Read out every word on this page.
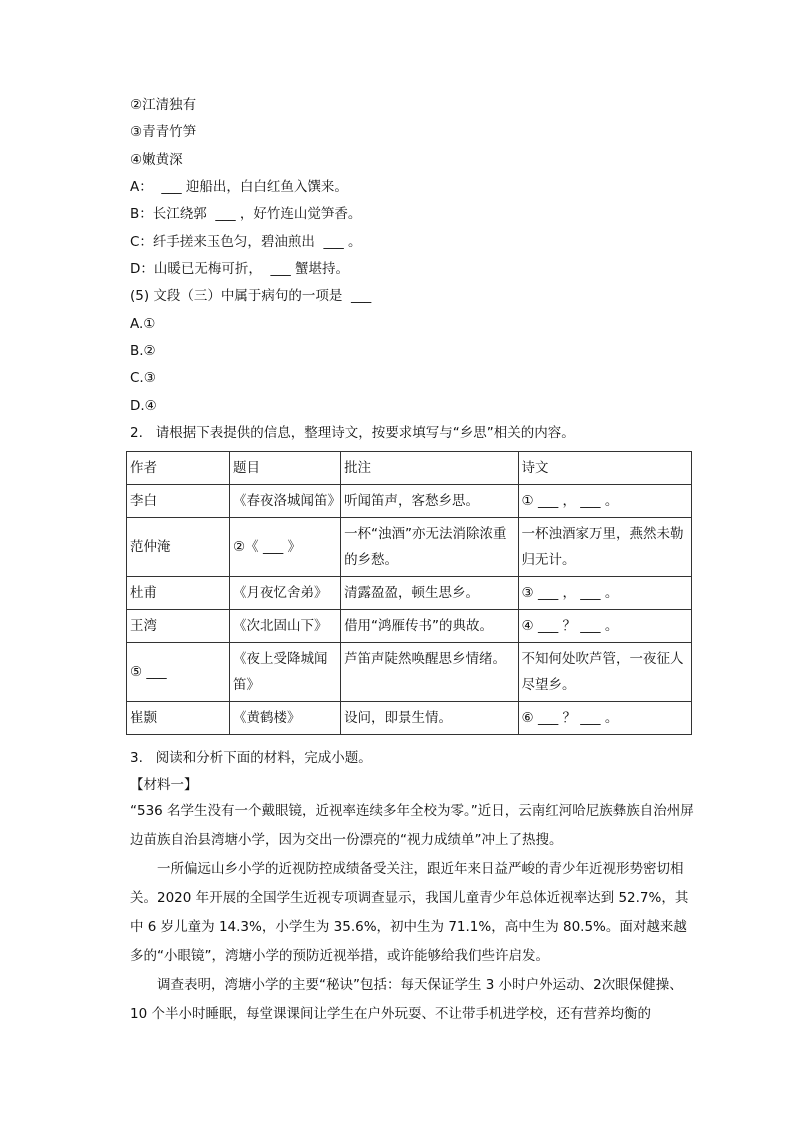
②江清独有
③青青竹笋
④嫩黄深
A：  ___ 迎船出，白白红鱼入馔来。
B：长江绕郭  ___ ，好竹连山觉笋香。
C：纤手搓来玉色匀，碧油煎出  ___ 。
D：山暖已无梅可折，  ___ 蟹堪持。
(5) 文段（三）中属于病句的一项是  ___
A.①
B.②
C.③
D.④
2.   请根据下表提供的信息，整理诗文，按要求填写与“乡思”相关的内容。
作者	题目	批注	诗文
李白	《春夜洛城闻笛》	听闻笛声，客愁乡思。	① ___ ， ___ 。
范仲淹	②《 ___ 》	一杯“浊酒”亦无法消除浓重的乡愁。	一杯浊酒家万里，燕然未勒归无计。
杜甫	《月夜忆舍弟》	清露盈盈，顿生思乡。	③ ___ ， ___ 。
王湾	《次北固山下》	借用“鸿雁传书”的典故。	④ ___ ？ ___ 。
⑤ ___	《夜上受降城闻笛》	芦笛声陡然唤醒思乡情绪。	不知何处吹芦管，一夜征人尽望乡。
崔颢	《黄鹤楼》	设问，即景生情。	⑥ ___ ？ ___ 。
3.   阅读和分析下面的材料，完成小题。
【材料一】

“536 名学生没有一个戴眼镜，近视率连续多年全校为零。”近日，云南红河哈尼族彝族自治州屏边苗族自治县湾塘小学，因为交出一份漂亮的“视力成绩单”冲上了热搜。

一所偏远山乡小学的近视防控成绩备受关注，跟近年来日益严峻的青少年近视形势密切相关。2020 年开展的全国学生近视专项调查显示，我国儿童青少年总体近视率达到 52.7%，其中 6 岁儿童为 14.3%，小学生为 35.6%，初中生为 71.1%，高中生为 80.5%。面对越来越多的“小眼镜”，湾塘小学的预防近视举措，或许能够给我们些许启发。

调查表明，湾塘小学的主要“秘诀”包括：每天保证学生 3 小时户外运动、2次眼保健操、10 个半小时睡眠，每堂课课间让学生在户外玩耍、不让带手机进学校，还有营养均衡的
